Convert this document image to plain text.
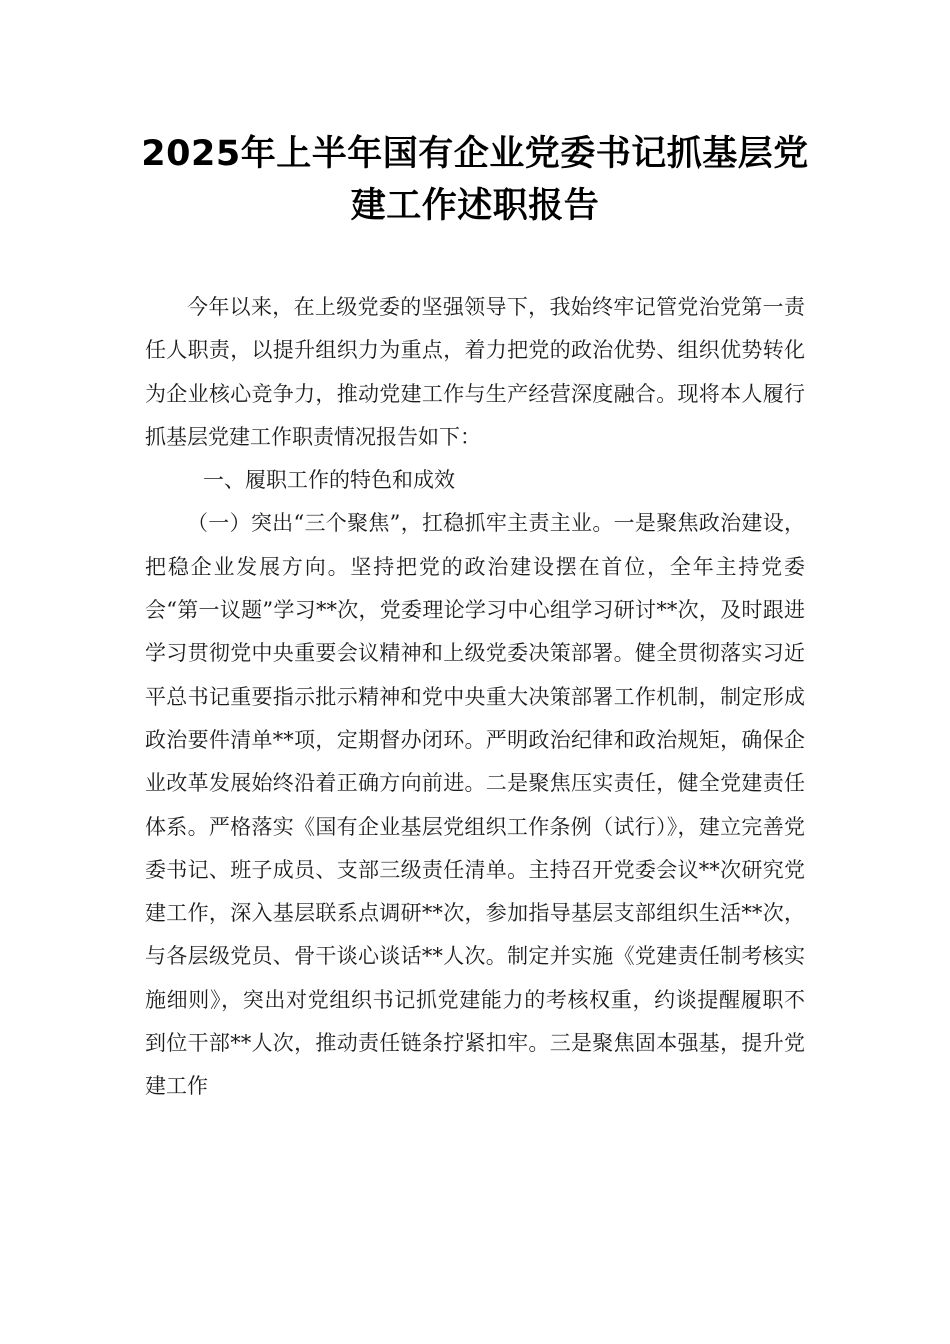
2025年上半年国有企业党委书记抓基层党
建工作述职报告

今年以来，在上级党委的坚强领导下，我始终牢记管党治党第一责任人职责，以提升组织力为重点，着力把党的政治优势、组织优势转化为企业核心竞争力，推动党建工作与生产经营深度融合。现将本人履行抓基层党建工作职责情况报告如下：

一、履职工作的特色和成效

（一）突出“三个聚焦”，扛稳抓牢主责主业。一是聚焦政治建设，把稳企业发展方向。坚持把党的政治建设摆在首位，全年主持党委会“第一议题”学习**次，党委理论学习中心组学习研讨**次，及时跟进学习贯彻党中央重要会议精神和上级党委决策部署。健全贯彻落实习近平总书记重要指示批示精神和党中央重大决策部署工作机制，制定形成政治要件清单**项，定期督办闭环。严明政治纪律和政治规矩，确保企业改革发展始终沿着正确方向前进。二是聚焦压实责任，健全党建责任体系。严格落实《国有企业基层党组织工作条例（试行）》，建立完善党委书记、班子成员、支部三级责任清单。主持召开党委会议**次研究党建工作，深入基层联系点调研**次，参加指导基层支部组织生活**次，与各层级党员、骨干谈心谈话**人次。制定并实施《党建责任制考核实施细则》，突出对党组织书记抓党建能力的考核权重，约谈提醒履职不到位干部**人次，推动责任链条拧紧扣牢。三是聚焦固本强基，提升党建工作
